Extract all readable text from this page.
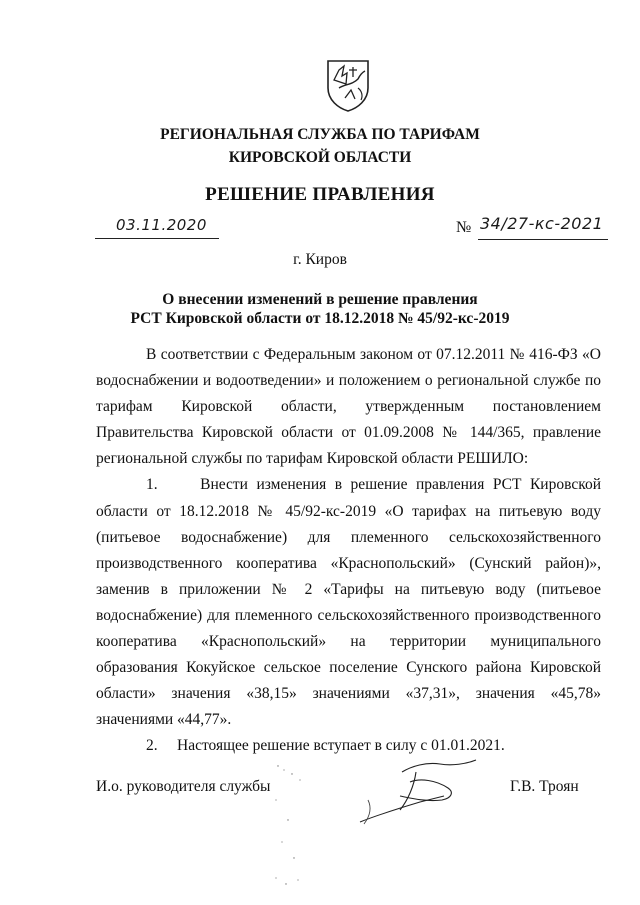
РЕГИОНАЛЬНАЯ СЛУЖБА ПО ТАРИФАМ
КИРОВСКОЙ ОБЛАСТИ
РЕШЕНИЕ ПРАВЛЕНИЯ
03.11.2020	№ 34/27-кс-2021
г. Киров
О внесении изменений в решение правления
РСТ Кировской области от 18.12.2018 № 45/92-кс-2019

В соответствии с Федеральным законом от 07.12.2011 № 416-ФЗ «О водоснабжении и водоотведении» и положением о региональной службе по тарифам Кировской области, утвержденным постановлением Правительства Кировской области от 01.09.2008 № 144/365, правление региональной службы по тарифам Кировской области РЕШИЛО:

1.     Внести изменения в решение правления РСТ Кировской области от 18.12.2018 № 45/92-кс-2019 «О тарифах на питьевую воду (питьевое водоснабжение) для племенного сельскохозяйственного производственного кооператива «Краснопольский» (Сунский район)», заменив в приложении № 2 «Тарифы на питьевую воду (питьевое водоснабжение) для племенного сельскохозяйственного производственного кооператива «Краснопольский» на территории муниципального образования Кокуйское сельское поселение Сунского района Кировской области» значения «38,15» значениями «37,31», значения «45,78» значениями «44,77».

2.     Настоящее решение вступает в силу с 01.01.2021.

И.о. руководителя службы	Г.В. Троян
